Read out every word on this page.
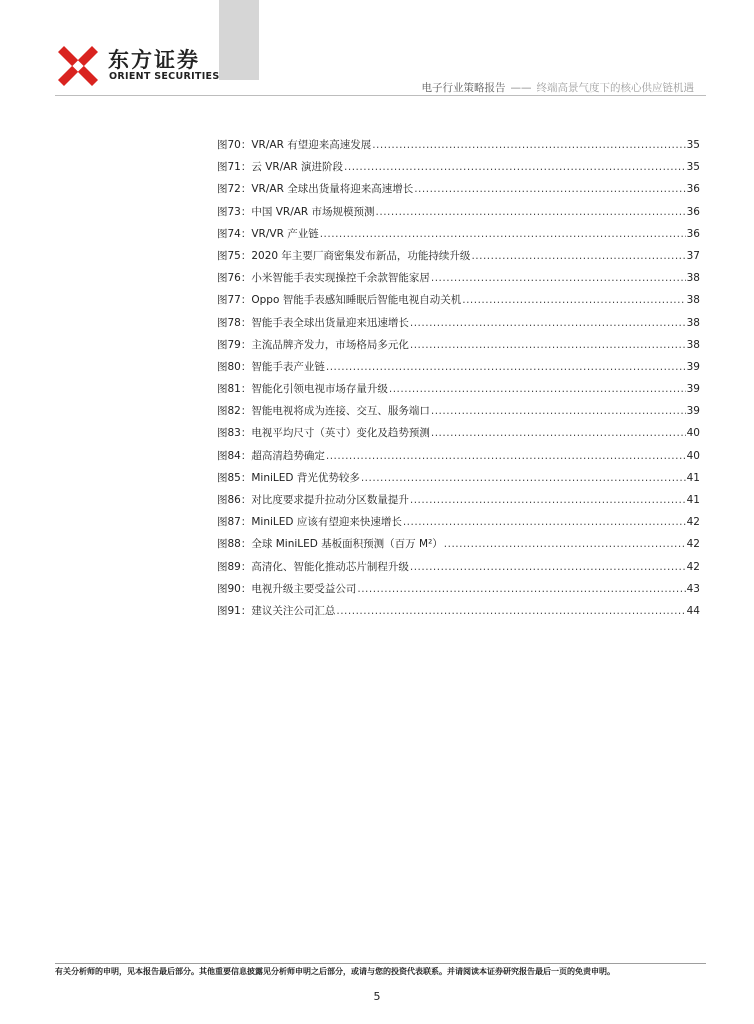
东方证券
ORIENT SECURITIES
电子行业策略报告 —— 终端高景气度下的核心供应链机遇
图70： VR/AR 有望迎来高速发展 .....	35
图71： 云 VR/AR 演进阶段 .....	35
图72： VR/AR 全球出货量将迎来高速增长 .....	36
图73： 中国 VR/AR 市场规模预测 .....	36
图74： VR/VR 产业链 .....	36
图75： 2020 年主要厂商密集发布新品，功能持续升级 .....	37
图76： 小米智能手表实现操控千余款智能家居 .....	38
图77： Oppo 智能手表感知睡眠后智能电视自动关机 .....	38
图78： 智能手表全球出货量迎来迅速增长 .....	38
图79： 主流品牌齐发力，市场格局多元化 .....	38
图80： 智能手表产业链 .....	39
图81： 智能化引领电视市场存量升级 .....	39
图82： 智能电视将成为连接、交互、服务端口 .....	39
图83： 电视平均尺寸（英寸）变化及趋势预测 .....	40
图84： 超高清趋势确定 .....	40
图85： MiniLED 背光优势较多 .....	41
图86： 对比度要求提升拉动分区数量提升 .....	41
图87： MiniLED 应该有望迎来快速增长 .....	42
图88： 全球 MiniLED 基板面积预测（百万 M²） .....	42
图89： 高清化、智能化推动芯片制程升级 .....	42
图90： 电视升级主要受益公司 .....	43
图91： 建议关注公司汇总 .....	44
有关分析师的申明，见本报告最后部分。其他重要信息披露见分析师申明之后部分，或请与您的投资代表联系。并请阅读本证券研究报告最后一页的免责申明。
5
